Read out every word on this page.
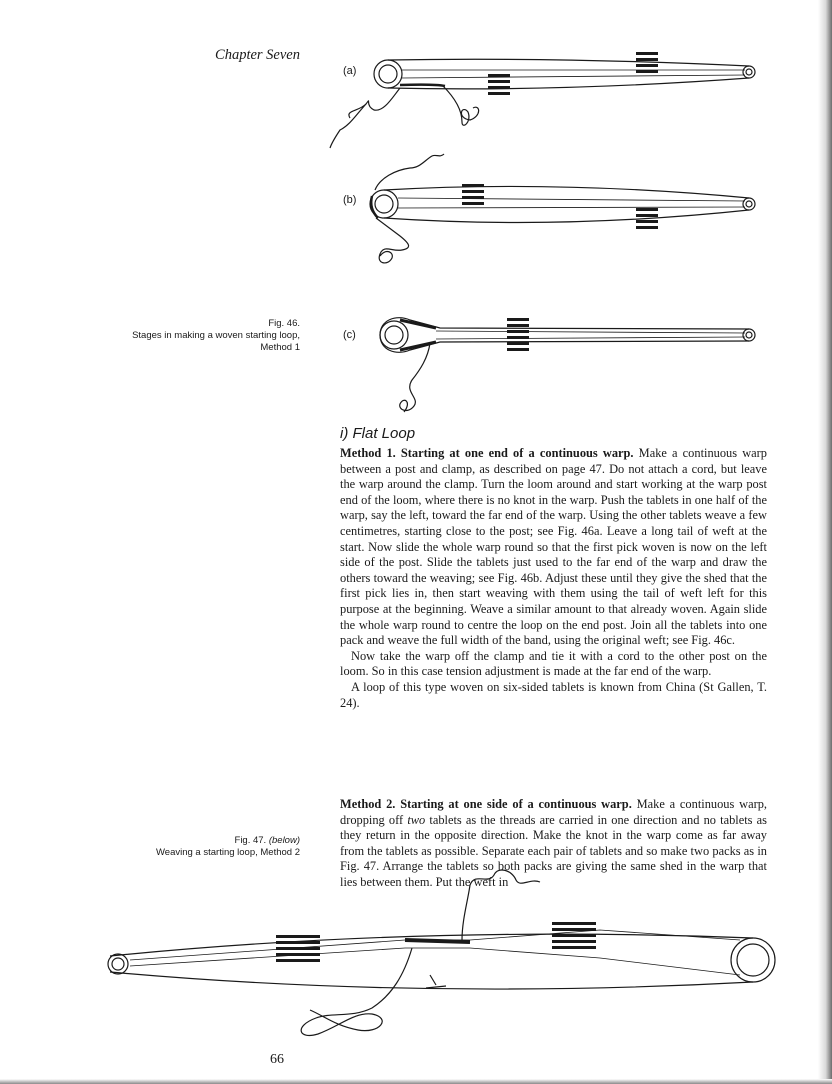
Chapter Seven
Fig. 46.
Stages in making a woven starting loop,
Method 1
Fig. 47. (below)
Weaving a starting loop, Method 2
(a)
(b)
(c)
i) Flat Loop

Method 1. Starting at one end of a continuous warp. Make a continuous warp between a post and clamp, as described on page 47. Do not attach a cord, but leave the warp around the clamp. Turn the loom around and start working at the warp post end of the loom, where there is no knot in the warp. Push the tablets in one half of the warp, say the left, toward the far end of the warp. Using the other tablets weave a few centimetres, starting close to the post; see Fig. 46a. Leave a long tail of weft at the start. Now slide the whole warp round so that the first pick woven is now on the left side of the post. Slide the tablets just used to the far end of the warp and draw the others toward the weaving; see Fig. 46b. Adjust these until they give the shed that the first pick lies in, then start weaving with them using the tail of weft left for this purpose at the beginning. Weave a similar amount to that already woven. Again slide the whole warp round to centre the loop on the end post. Join all the tablets into one pack and weave the full width of the band, using the original weft; see Fig. 46c.

Now take the warp off the clamp and tie it with a cord to the other post on the loom. So in this case tension adjustment is made at the far end of the warp.

A loop of this type woven on six-sided tablets is known from China (St Gallen, T. 24).

Method 2. Starting at one side of a continuous warp. Make a continuous warp, dropping off two tablets as the threads are carried in one direction and no tablets as they return in the opposite direction. Make the knot in the warp come as far away from the tablets as possible. Separate each pair of tablets and so make two packs as in Fig. 47. Arrange the tablets so both packs are giving the same shed in the warp that lies between them. Put the weft in

66
